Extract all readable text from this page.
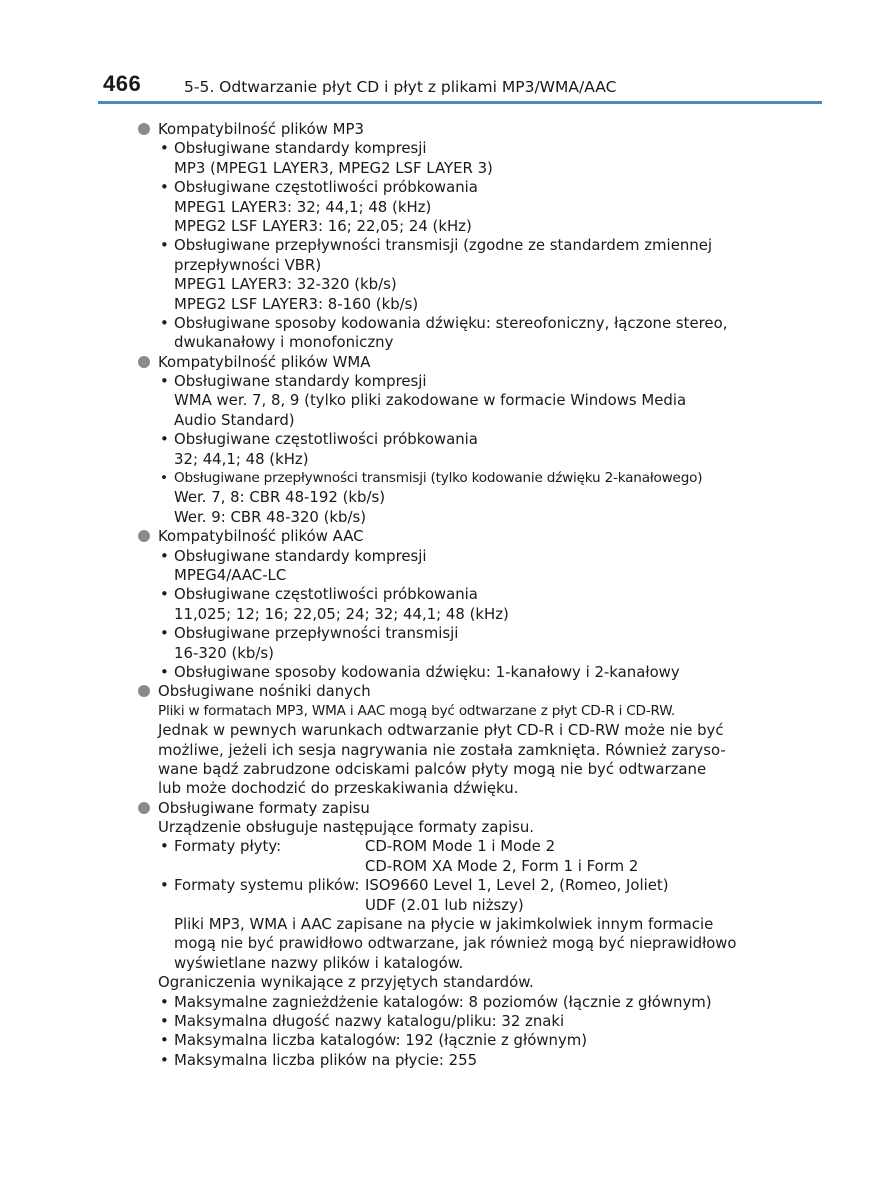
466	5-5. Odtwarzanie płyt CD i płyt z plikami MP3/WMA/AAC
Kompatybilność plików MP3
• Obsługiwane standardy kompresji
MP3 (MPEG1 LAYER3, MPEG2 LSF LAYER 3)
• Obsługiwane częstotliwości próbkowania
MPEG1 LAYER3: 32; 44,1; 48 (kHz)
MPEG2 LSF LAYER3: 16; 22,05; 24 (kHz)
• Obsługiwane przepływności transmisji (zgodne ze standardem zmiennej
przepływności VBR)
MPEG1 LAYER3: 32-320 (kb/s)
MPEG2 LSF LAYER3: 8-160 (kb/s)
• Obsługiwane sposoby kodowania dźwięku: stereofoniczny, łączone stereo,
dwukanałowy i monofoniczny
Kompatybilność plików WMA
• Obsługiwane standardy kompresji
WMA wer. 7, 8, 9 (tylko pliki zakodowane w formacie Windows Media
Audio Standard)
• Obsługiwane częstotliwości próbkowania
32; 44,1; 48 (kHz)
• Obsługiwane przepływności transmisji (tylko kodowanie dźwięku 2-kanałowego)
Wer. 7, 8: CBR 48-192 (kb/s)
Wer. 9: CBR 48-320 (kb/s)
Kompatybilność plików AAC
• Obsługiwane standardy kompresji
MPEG4/AAC-LC
• Obsługiwane częstotliwości próbkowania
11,025; 12; 16; 22,05; 24; 32; 44,1; 48 (kHz)
• Obsługiwane przepływności transmisji
16-320 (kb/s)
• Obsługiwane sposoby kodowania dźwięku: 1-kanałowy i 2-kanałowy
Obsługiwane nośniki danych
Pliki w formatach MP3, WMA i AAC mogą być odtwarzane z płyt CD-R i CD-RW.
Jednak w pewnych warunkach odtwarzanie płyt CD-R i CD-RW może nie być
możliwe, jeżeli ich sesja nagrywania nie została zamknięta. Również zaryso-
wane bądź zabrudzone odciskami palców płyty mogą nie być odtwarzane
lub może dochodzić do przeskakiwania dźwięku.
Obsługiwane formaty zapisu
Urządzenie obsługuje następujące formaty zapisu.
• Formaty płyty:	CD-ROM Mode 1 i Mode 2
CD-ROM XA Mode 2, Form 1 i Form 2
• Formaty systemu plików: ISO9660 Level 1, Level 2, (Romeo, Joliet)
UDF (2.01 lub niższy)
Pliki MP3, WMA i AAC zapisane na płycie w jakimkolwiek innym formacie
mogą nie być prawidłowo odtwarzane, jak również mogą być nieprawidłowo
wyświetlane nazwy plików i katalogów.
Ograniczenia wynikające z przyjętych standardów.
• Maksymalne zagnieżdżenie katalogów: 8 poziomów (łącznie z głównym)
• Maksymalna długość nazwy katalogu/pliku: 32 znaki
• Maksymalna liczba katalogów: 192 (łącznie z głównym)
• Maksymalna liczba plików na płycie: 255
